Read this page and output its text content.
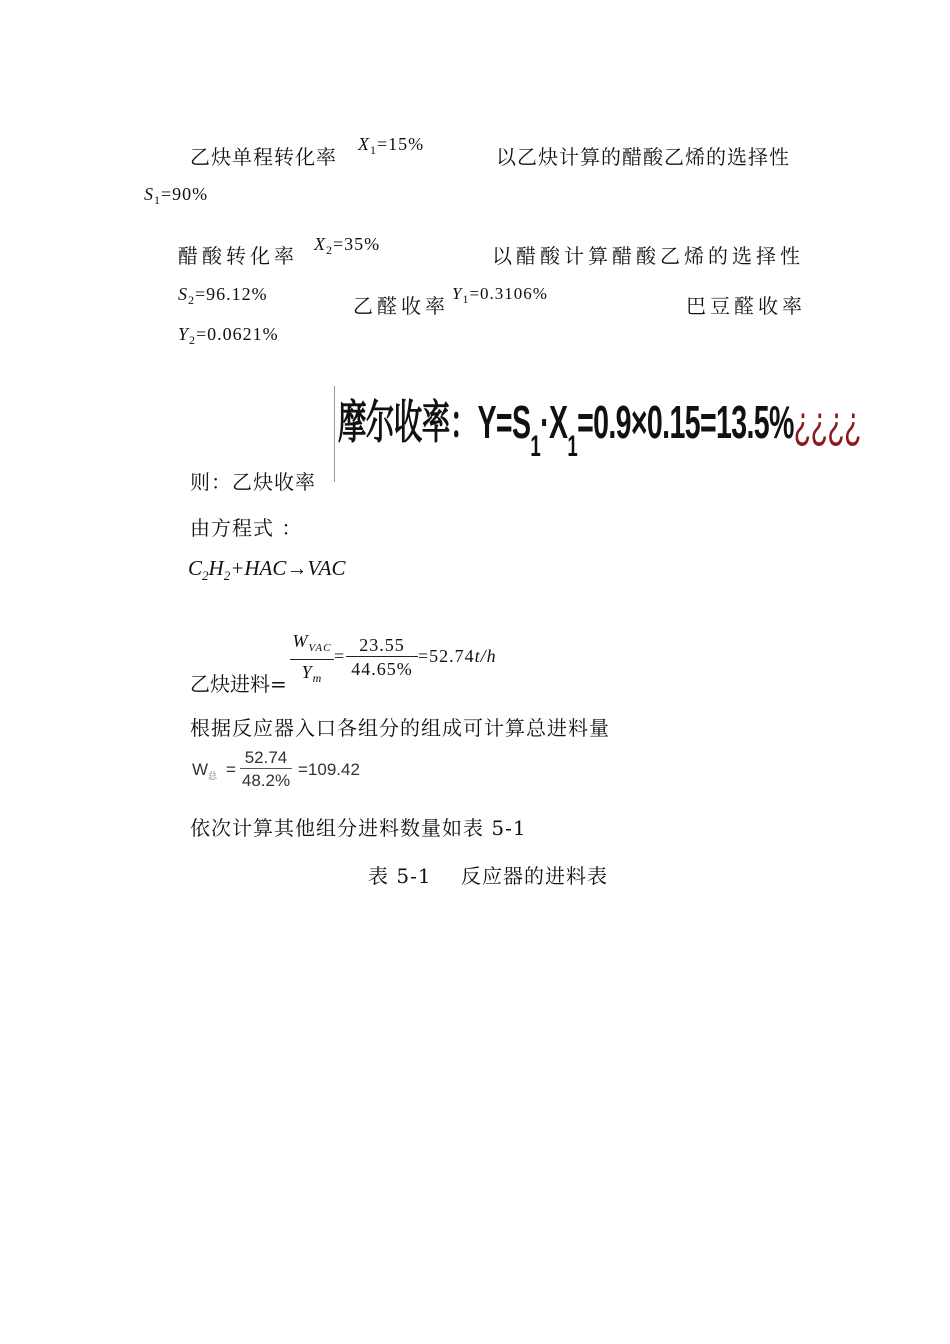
乙炔单程转化率
$X_1=15\%$
以乙炔计算的醋酸乙烯的选择性
$S_1=90\%$
醋酸转化率 $X_2=35\%$	以醋酸计算醋酸乙烯的选择性
$S_2=96.12\%$	乙醛收率
$Y_1=0.3106\%$
巴豆醛收率
$Y_2=0.0621\%$
摩尔收率：$Y=S_1\cdot X_1=0.9\times 0.15=13.5\%¿¿¿¿$
则：乙炔收率
由方程式 ：
$C_2H_2+HAC\to VAC$
乙炔进料=
$W_{VAC}$
$Y_m$
=
23.55
44.65%
=52.74t/h
根据反应器入口各组分的组成可计算总进料量
$W_总$ =
52.74
48.2%
=109.42
依次计算其他组分进料数量如表 5-1
表 5-1    反应器的进料表
